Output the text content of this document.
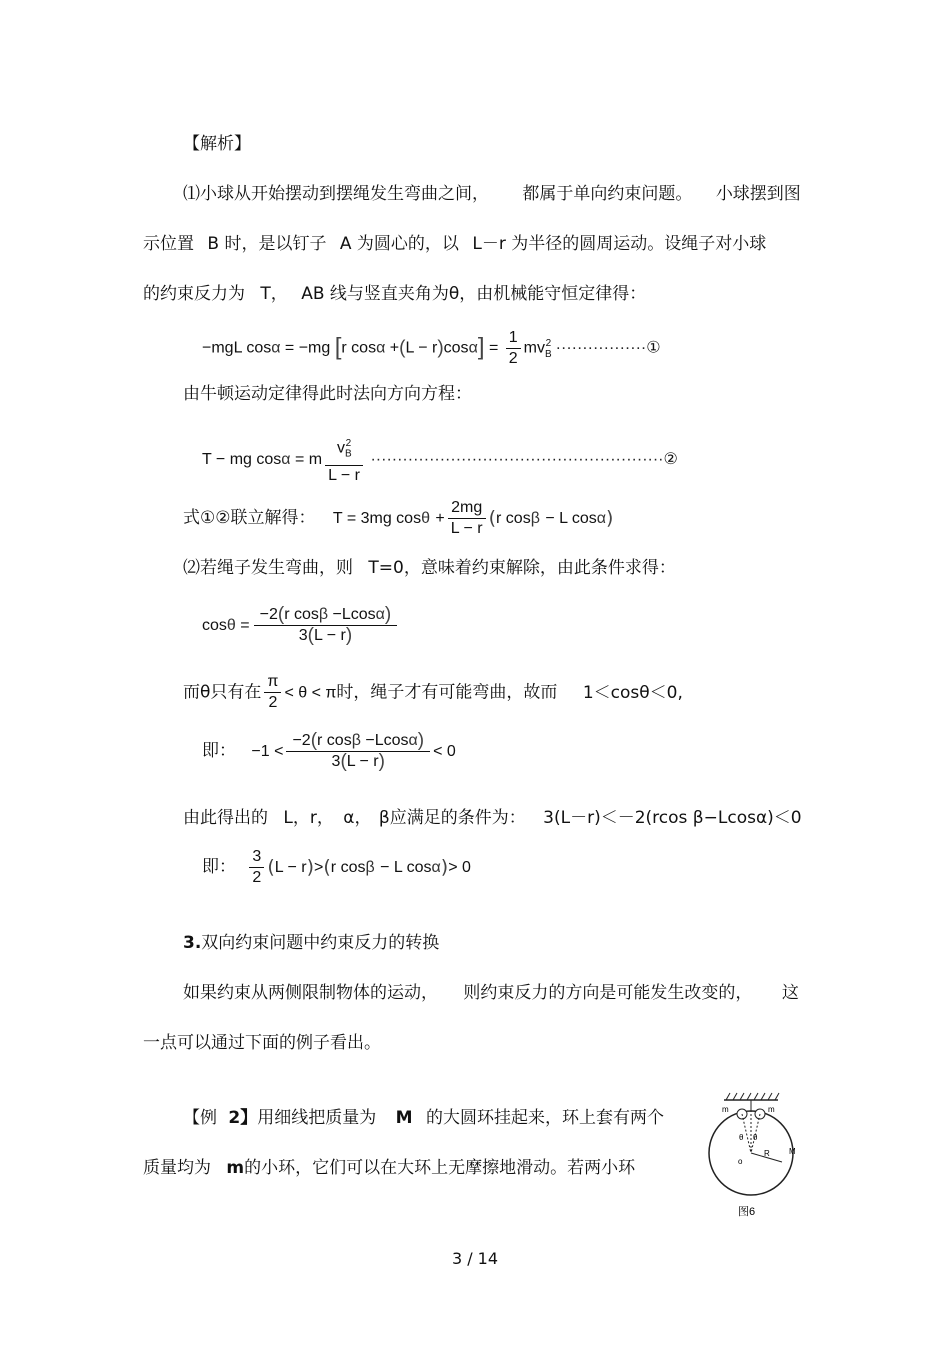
【解析】
⑴小球从开始摆动到摆绳发生弯曲之间， 都属于单向约束问题。 小球摆到图
示位置 B 时，是以钉子 A 为圆心的，以 L－r 为半径的圆周运动。设绳子对小球
的约束反力为 T， AB 线与竖直夹角为θ，由机械能守恒定律得：
−mgL cosα = −mg [r $\cos\alpha +(L - r)\cos\alpha] = \frac{1}{2} mv_B^2$ ·················①
由牛顿运动定律得此时法向方向方程：
T − mg cosα = m $\frac{v_B^2}{L - r}$ ·······················································②
式①②联立解得： T = 3mg $\cos\theta + \frac{2mg}{L - r} (r$ cosβ − L cosα)
⑵若绳子发生弯曲，则 T=0，意味着约束解除，由此条件求得：
$\cos\theta = \frac{\text{−2(r cosβ −Lcosα)}}{3(L - r)}$
而θ只有在 $\frac{\pi}{2} < \theta < \pi$时，绳子才有可能弯曲，故而 1＜cosθ＜0,
即： $-1 < \frac{\text{−2(r cosβ −Lcosα)}}{3(L - r)} < 0$
由此得出的 L，r， α， β应满足的条件为： 3(L－r)＜－2(rcos β−Lcosα)＜0
即： $\frac{3}{2} (L - r)>(r$ cosβ − L cosα)> 0
3.双向约束问题中约束反力的转换
如果约束从两侧限制物体的运动， 则约束反力的方向是可能发生改变的， 这
一点可以通过下面的例子看出。
【例 2】用细线把质量为 M 的大圆环挂起来，环上套有两个
质量均为 m的小环，它们可以在大环上无摩擦地滑动。若两小环
m	m
θ θ
R M
o
图6
3 / 14
